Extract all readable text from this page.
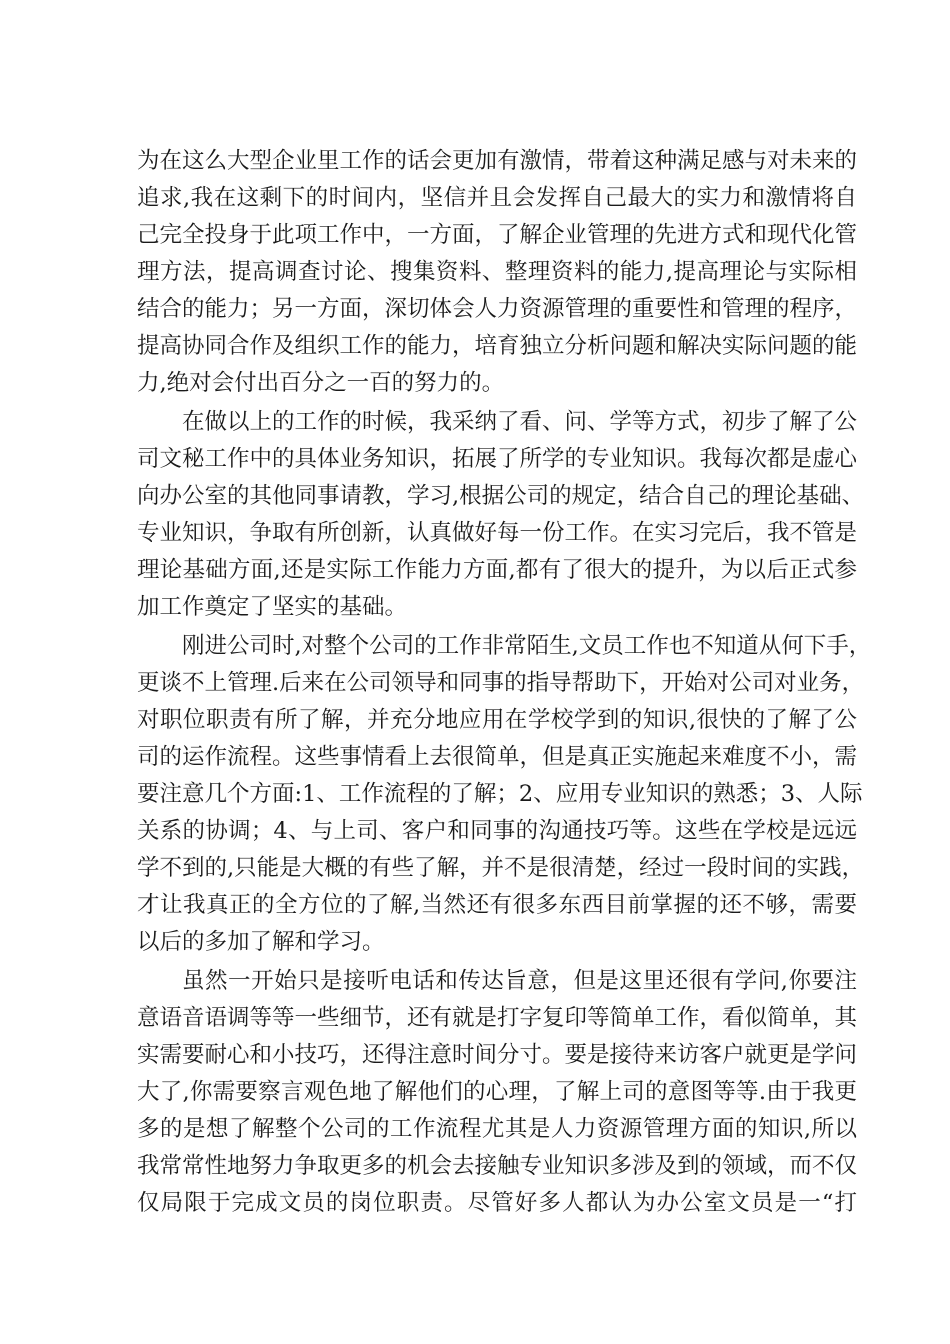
为在这么大型企业里工作的话会更加有激情，带着这种满足感与对未来的
追求,我在这剩下的时间内，坚信并且会发挥自己最大的实力和激情将自
己完全投身于此项工作中，一方面，了解企业管理的先进方式和现代化管
理方法，提高调查讨论、搜集资料、整理资料的能力,提高理论与实际相
结合的能力；另一方面，深切体会人力资源管理的重要性和管理的程序，
提高协同合作及组织工作的能力，培育独立分析问题和解决实际问题的能
力,绝对会付出百分之一百的努力的。
在做以上的工作的时候，我采纳了看、问、学等方式，初步了解了公
司文秘工作中的具体业务知识，拓展了所学的专业知识。我每次都是虚心
向办公室的其他同事请教，学习,根据公司的规定，结合自己的理论基础、
专业知识，争取有所创新，认真做好每一份工作。在实习完后，我不管是
理论基础方面,还是实际工作能力方面,都有了很大的提升，为以后正式参
加工作奠定了坚实的基础。
刚进公司时,对整个公司的工作非常陌生,文员工作也不知道从何下手，
更谈不上管理.后来在公司领导和同事的指导帮助下，开始对公司对业务，
对职位职责有所了解，并充分地应用在学校学到的知识,很快的了解了公
司的运作流程。这些事情看上去很简单，但是真正实施起来难度不小，需
要注意几个方面:1、工作流程的了解；2、应用专业知识的熟悉；3、人际
关系的协调；4、与上司、客户和同事的沟通技巧等。这些在学校是远远
学不到的,只能是大概的有些了解，并不是很清楚，经过一段时间的实践，
才让我真正的全方位的了解,当然还有很多东西目前掌握的还不够，需要
以后的多加了解和学习。
虽然一开始只是接听电话和传达旨意，但是这里还很有学问,你要注
意语音语调等等一些细节，还有就是打字复印等简单工作，看似简单，其
实需要耐心和小技巧，还得注意时间分寸。要是接待来访客户就更是学问
大了,你需要察言观色地了解他们的心理，了解上司的意图等等.由于我更
多的是想了解整个公司的工作流程尤其是人力资源管理方面的知识,所以
我常常性地努力争取更多的机会去接触专业知识多涉及到的领域，而不仅
仅局限于完成文员的岗位职责。尽管好多人都认为办公室文员是一“打
